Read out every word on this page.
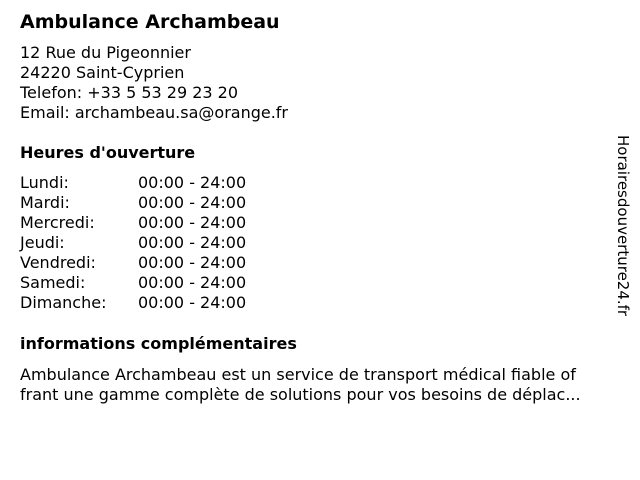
Ambulance Archambeau
12 Rue du Pigeonnier
24220 Saint-Cyprien
Telefon: +33 5 53 29 23 20
Email: archambeau.sa@orange.fr
Heures d'ouverture
Lundi:	00:00 - 24:00
Mardi:	00:00 - 24:00
Mercredi:	00:00 - 24:00
Jeudi:	00:00 - 24:00
Vendredi:	00:00 - 24:00
Samedi:	00:00 - 24:00
Dimanche:	00:00 - 24:00
informations complémentaires
Ambulance Archambeau est un service de transport médical fiable of
frant une gamme complète de solutions pour vos besoins de déplac...
Horairesdouverture24.fr
